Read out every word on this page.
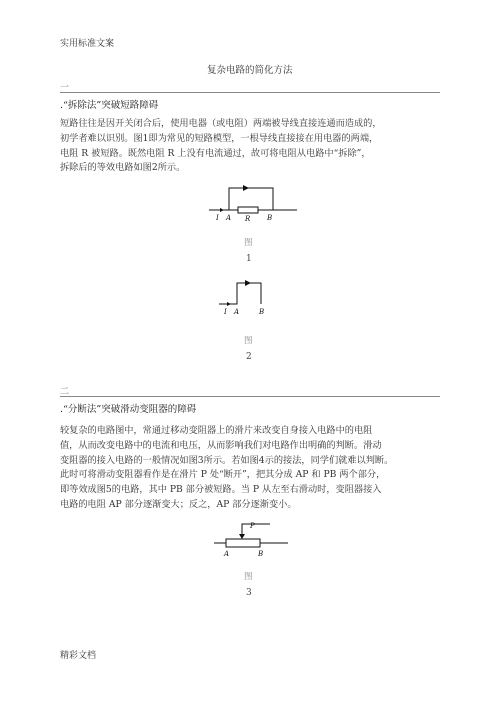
实用标准文案
复杂电路的简化方法
一
.“拆除法”突破短路障碍
短路往往是因开关闭合后，使用电器（或电阻）两端被导线直接连通而造成的，
初学者难以识别。图1即为常见的短路模型，一根导线直接接在用电器的两端，
电阻 R 被短路。既然电阻 R 上没有电流通过，故可将电阻从电路中“拆除”，
拆除后的等效电路如图2所示。
I A R B
图
1
I A	B
图
2
二
.“分断法”突破滑动变阻器的障碍
较复杂的电路图中，常通过移动变阻器上的滑片来改变自身接入电路中的电阻
值，从而改变电路中的电流和电压，从而影响我们对电路作出明确的判断。滑动
变阻器的接入电路的一般情况如图3所示。若如图4示的接法，同学们就难以判断。
此时可将滑动变阻器看作是在滑片 P 处“断开”，把其分成 AP 和 PB 两个部分，
即等效成图5的电路，其中 PB 部分被短路。当 P 从左至右滑动时，变阻器接入
电路的电阻 AP 部分逐渐变大；反之，AP 部分逐渐变小。
P
A	B
图
3
精彩文档
